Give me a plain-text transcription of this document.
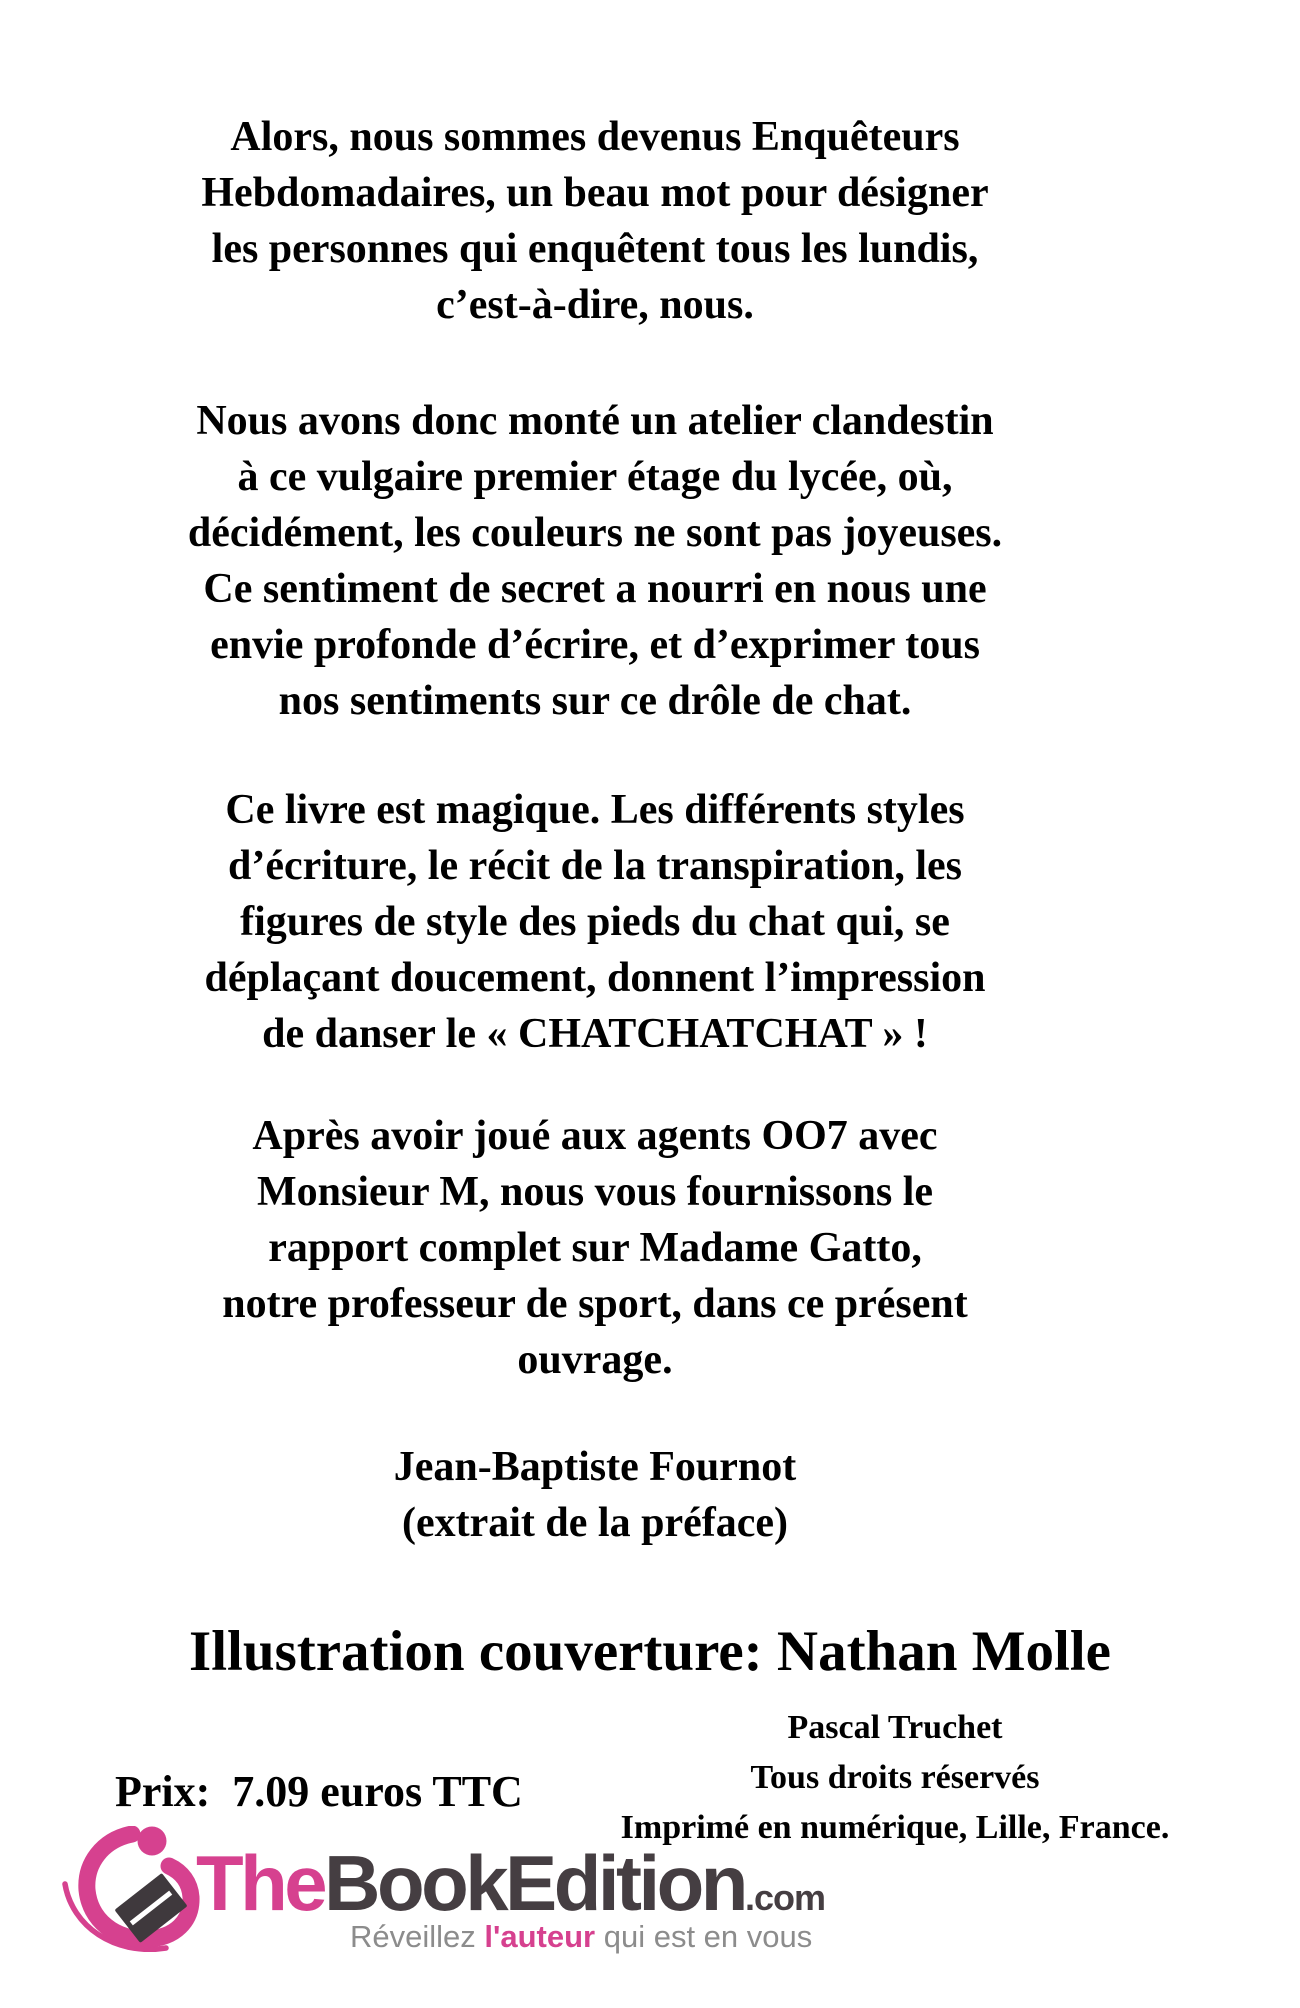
Alors, nous sommes devenus Enquêteurs
Hebdomadaires, un beau mot pour désigner
les personnes qui enquêtent tous les lundis,
c’est-à-dire, nous.
Nous avons donc monté un atelier clandestin
à ce vulgaire premier étage du lycée, où,
décidément, les couleurs ne sont pas joyeuses.
Ce sentiment de secret a nourri en nous une
envie profonde d’écrire, et d’exprimer tous
nos sentiments sur ce drôle de chat.
Ce livre est magique. Les différents styles
d’écriture, le récit de la transpiration, les
figures de style des pieds du chat qui, se
déplaçant doucement, donnent l’impression
de danser le « CHATCHATCHAT » !
Après avoir joué aux agents OO7 avec
Monsieur M, nous vous fournissons le
rapport complet sur Madame Gatto,
notre professeur de sport, dans ce présent
ouvrage.
Jean-Baptiste Fournot
(extrait de la préface)
Illustration couverture: Nathan Molle
Pascal Truchet
Tous droits réservés
Imprimé en numérique, Lille, France.
Prix: 7.09 euros TTC
TheBookEdition.com
Réveillez l'auteur qui est en vous
